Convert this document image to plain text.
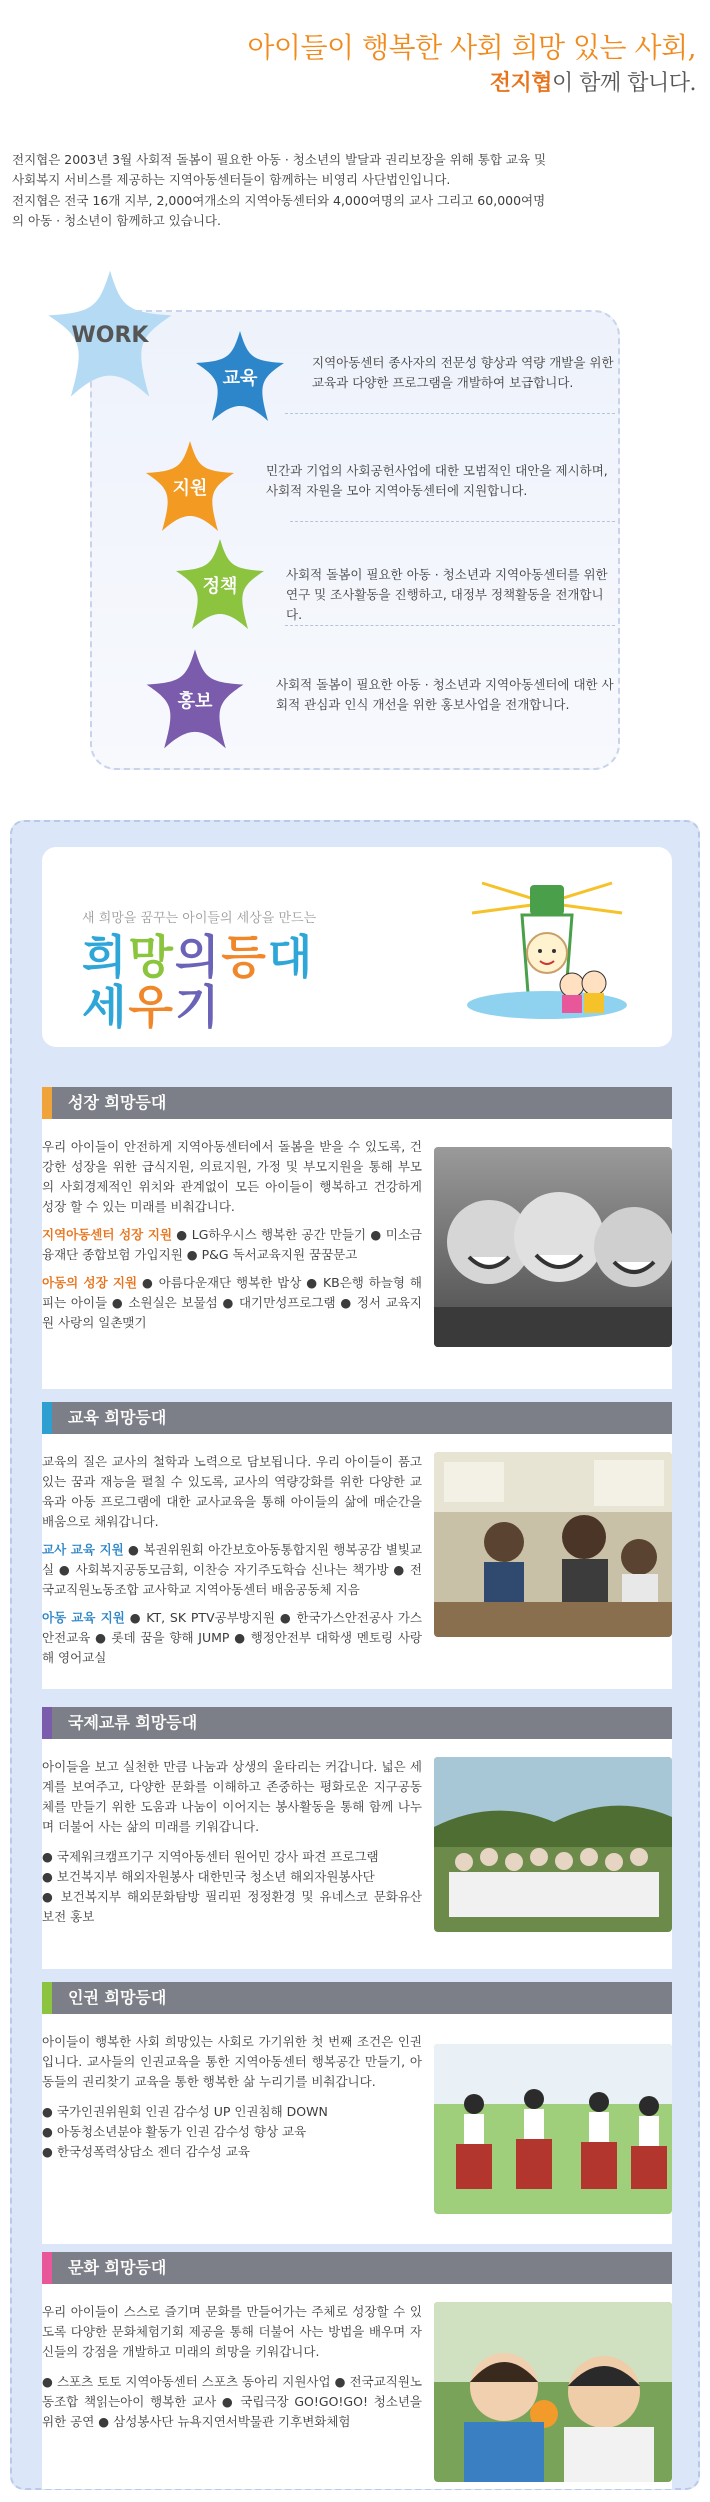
아이들이 행복한 사회 희망 있는 사회,
전지협이 함께 합니다.

전지협은 2003년 3월 사회적 돌봄이 필요한 아동 · 청소년의 발달과 권리보장을 위해 통합 교육 및 사회복지 서비스를 제공하는 지역아동센터들이 함께하는 비영리 사단법인입니다.

전지협은 전국 16개 지부, 2,000여개소의 지역아동센터와 4,000여명의 교사 그리고 60,000여명의 아동 · 청소년이 함께하고 있습니다.

WORK
교육
지역아동센터 종사자의 전문성 향상과 역량 개발을 위한 교육과 다양한 프로그램을 개발하여 보급합니다.
지원
민간과 기업의 사회공헌사업에 대한 모범적인 대안을 제시하며, 사회적 자원을 모아 지역아동센터에 지원합니다.
정책
사회적 돌봄이 필요한 아동 · 청소년과 지역아동센터를 위한 연구 및 조사활동을 진행하고, 대정부 정책활동을 전개합니다.
홍보
사회적 돌봄이 필요한 아동 · 청소년과 지역아동센터에 대한 사회적 관심과 인식 개선을 위한 홍보사업을 전개합니다.
새 희망을 꿈꾸는 아이들의 세상을 만드는
희망의등대
세우기
성장 희망등대

우리 아이들이 안전하게 지역아동센터에서 돌봄을 받을 수 있도록, 건강한 성장을 위한 급식지원, 의료지원, 가정 및 부모지원을 통해 부모의 사회경제적인 위치와 관계없이 모든 아이들이 행복하고 건강하게 성장 할 수 있는 미래를 비춰갑니다.

지역아동센터 성장 지원 ● LG하우시스 행복한 공간 만들기 ● 미소금융재단 종합보험 가입지원 ● P&G 독서교육지원 꿈꿈문고

아동의 성장 지원 ● 아름다운재단 행복한 밥상 ● KB은행 하늘형 해피는 아이들 ● 소원실은 보물섬 ● 대기만성프로그램 ● 정서 교육지원 사랑의 일촌맺기

교육 희망등대

교육의 질은 교사의 철학과 노력으로 담보됩니다. 우리 아이들이 품고 있는 꿈과 재능을 펼칠 수 있도록, 교사의 역량강화를 위한 다양한 교육과 아동 프로그램에 대한 교사교육을 통해 아이들의 삶에 매순간을 배움으로 채워갑니다.

교사 교육 지원 ● 복권위원회 아간보호아동통합지원 행복공감 별빛교실 ● 사회복지공동모금회, 이찬승 자기주도학습 신나는 책가방 ● 전국교직원노동조합 교사학교 지역아동센터 배움공동체 지음

아동 교육 지원 ● KT, SK PTV공부방지원 ● 한국가스안전공사 가스안전교육 ● 롯데 꿈을 향해 JUMP ● 행정안전부 대학생 멘토링 사랑해 영어교실

국제교류 희망등대

아이들을 보고 실천한 만큼 나눔과 상생의 울타리는 커갑니다. 넓은 세계를 보여주고, 다양한 문화를 이해하고 존중하는 평화로운 지구공동체를 만들기 위한 도움과 나눔이 이어지는 봉사활동을 통해 함께 나누며 더불어 사는 삶의 미래를 키워갑니다.

● 국제워크캠프기구 지역아동센터 원어민 강사 파견 프로그램
● 보건복지부 해외자원봉사 대한민국 청소년 해외자원봉사단
● 보건복지부 해외문화탐방 필리핀 정정환경 및 유네스코 문화유산 보전 홍보
인권 희망등대

아이들이 행복한 사회 희망있는 사회로 가기위한 첫 번째 조건은 인권입니다. 교사들의 인권교육을 통한 지역아동센터 행복공간 만들기, 아동들의 권리찾기 교육을 통한 행복한 삶 누리기를 비춰갑니다.

● 국가인권위원회 인권 감수성 UP 인권침해 DOWN
● 아동청소년분야 활동가 인권 감수성 향상 교육
● 한국성폭력상담소 젠더 감수성 교육
문화 희망등대

우리 아이들이 스스로 즐기며 문화를 만들어가는 주체로 성장할 수 있도록 다양한 문화체험기회 제공을 통해 더불어 사는 방법을 배우며 자신들의 강점을 개발하고 미래의 희망을 키워갑니다.

● 스포츠 토토 지역아동센터 스포츠 동아리 지원사업 ● 전국교직원노동조합 책읽는아이 행복한 교사 ● 국립극장 GO!GO!GO! 청소년을 위한 공연 ● 삼성봉사단 뉴욕지연서박물관 기후변화체험
